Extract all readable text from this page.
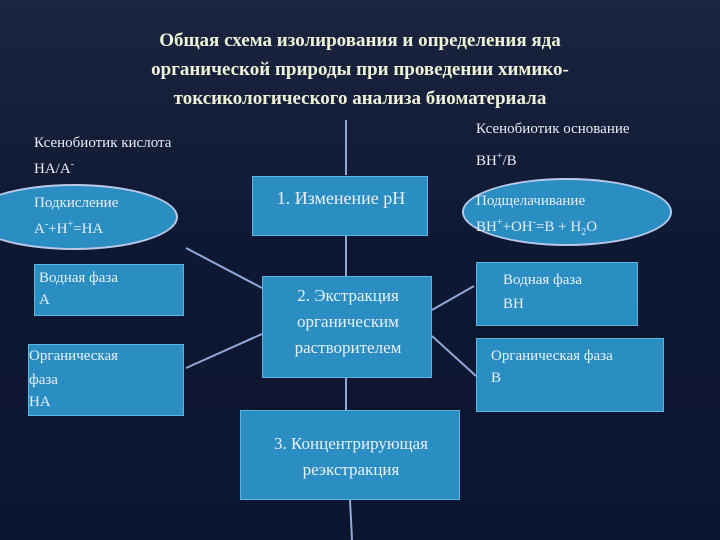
Общая схема изолирования и определения яда
органической природы при проведении химико-
токсикологического анализа биоматериала
Ксенобиотик кислота
HA/A-
Ксенобиотик основание
BH+/B
Подкисление
A-+H+=HA
Подщелачивание
$BH^++OH^-=B + H_2O$
Водная фаза
A
Органическая
фаза
HA
Водная фаза
BH
Органическая фаза
B
1. Изменение pH
2. Экстракция
органическим
растворителем
3. Концентрирующая
реэкстракция
